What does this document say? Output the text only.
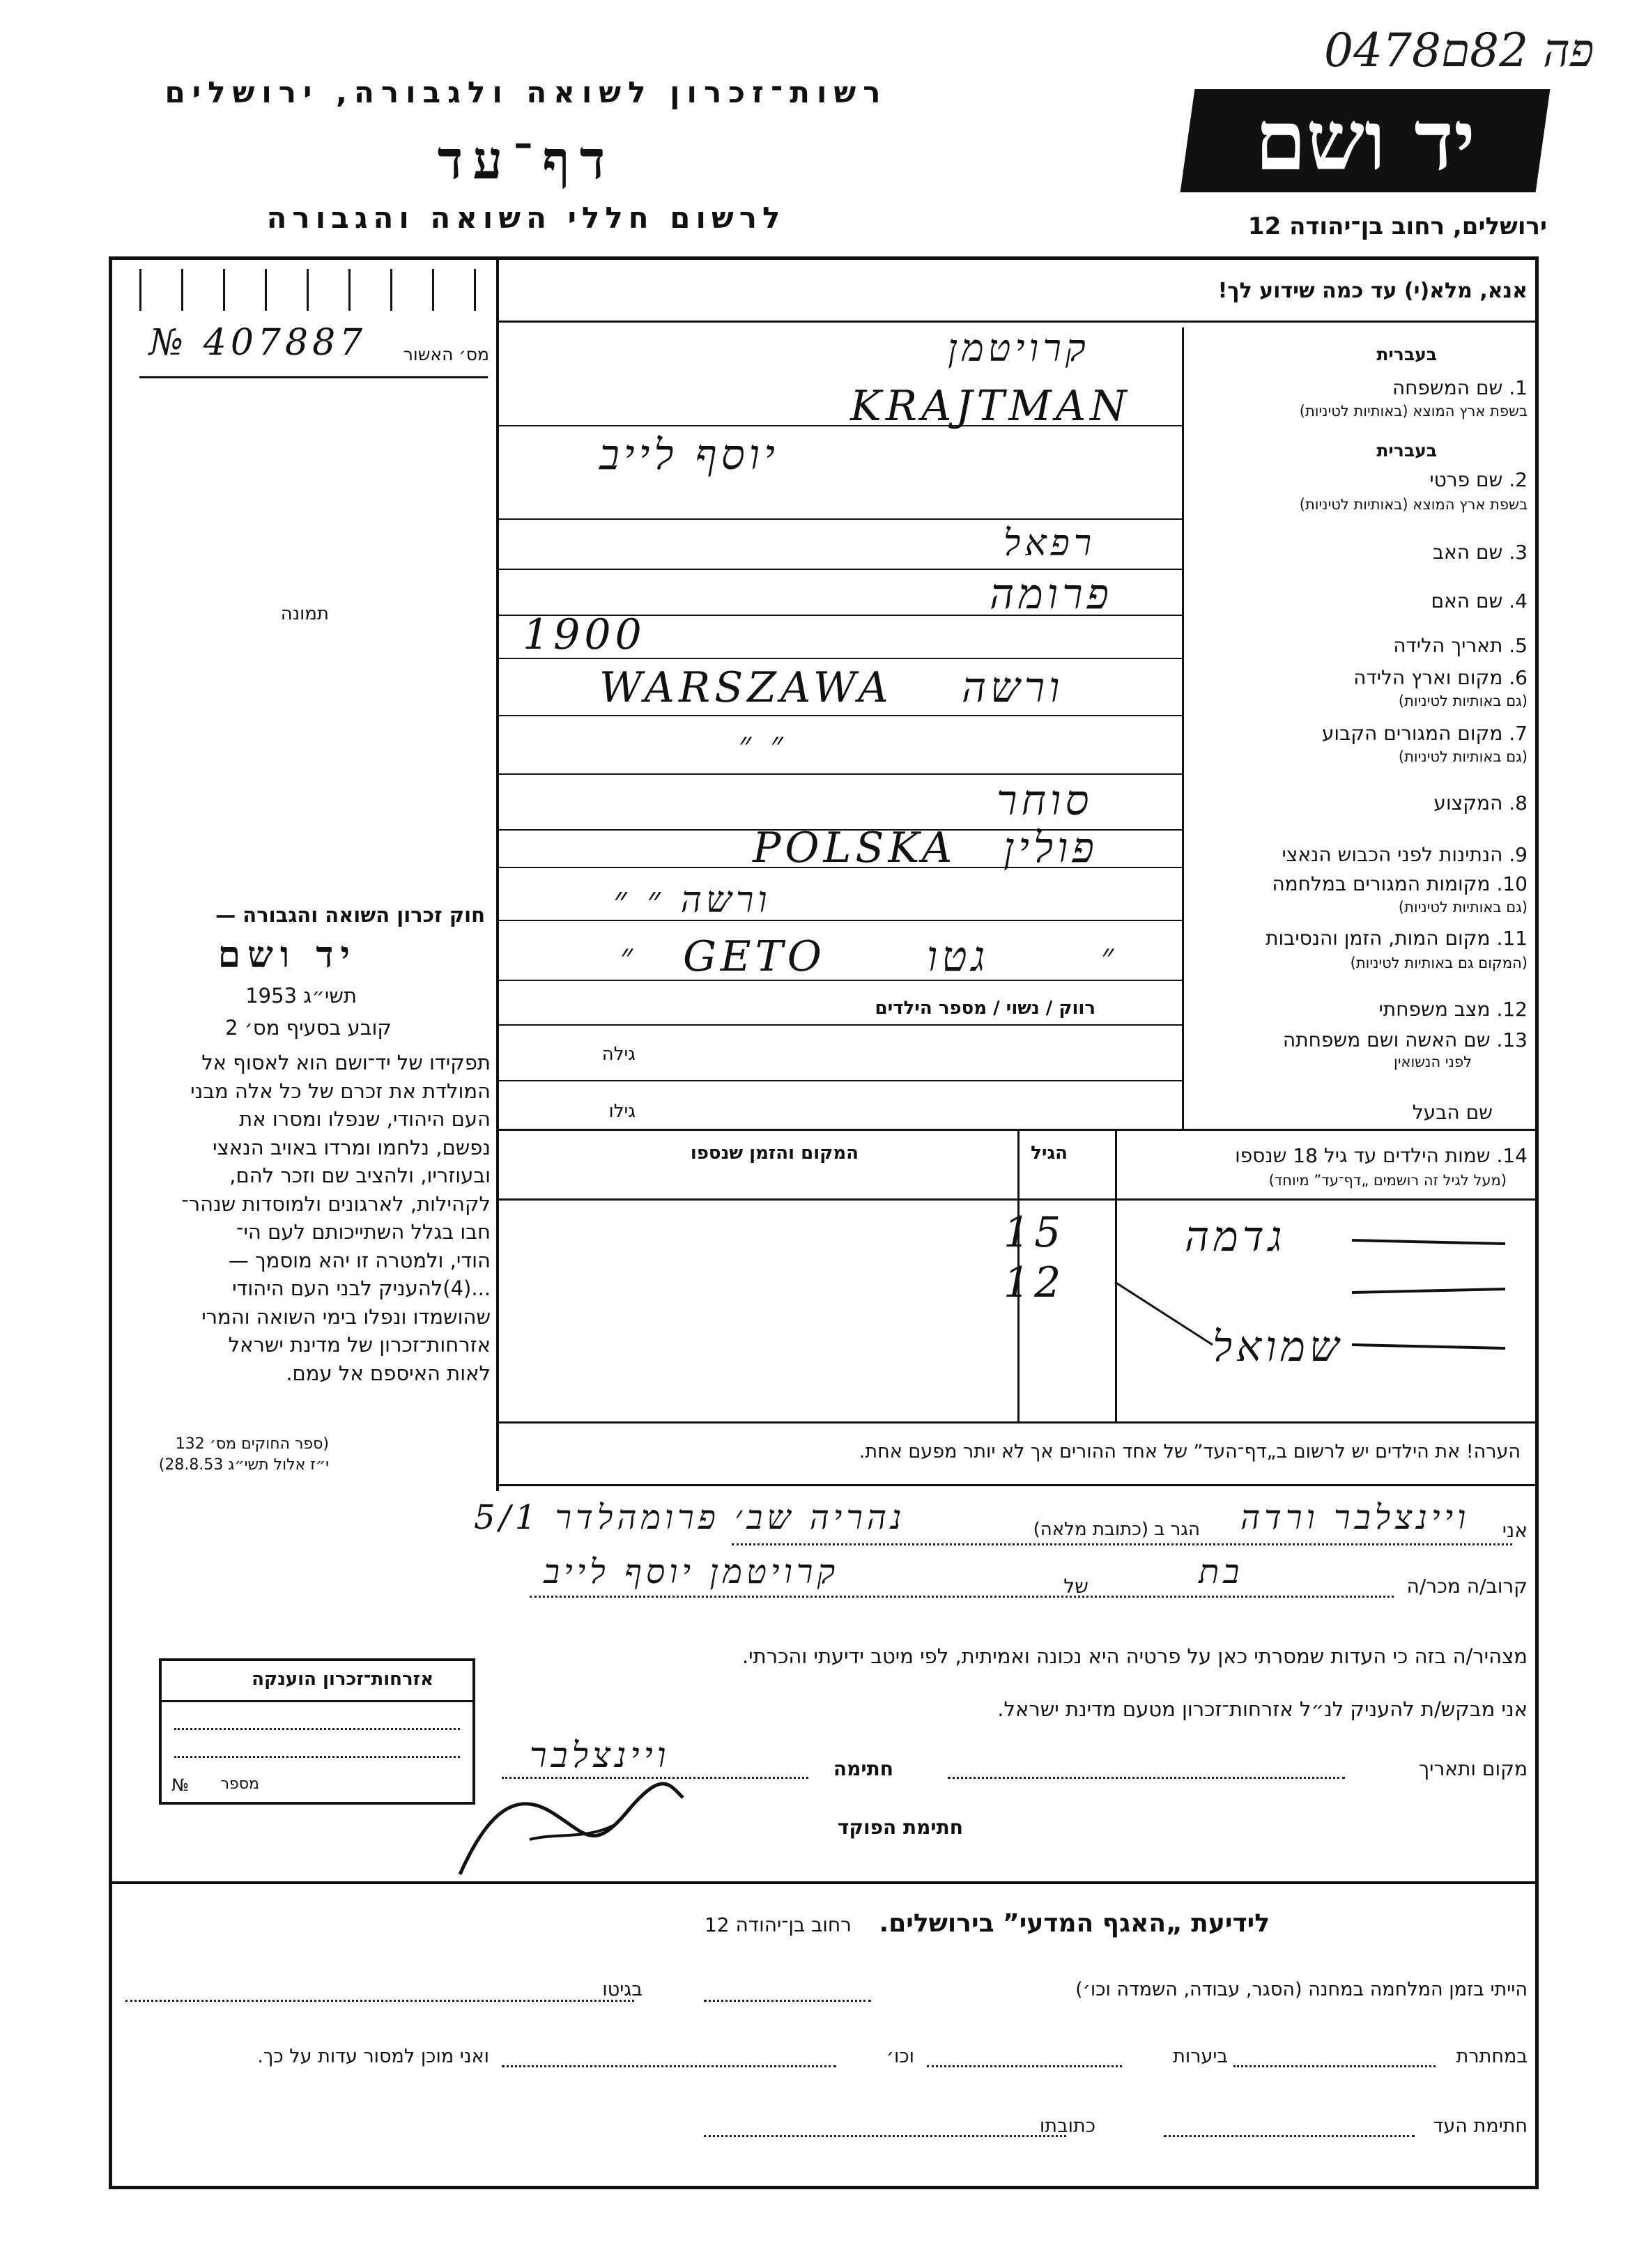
פה 82ם0478
יד ושם
רשות־זכרון לשואה ולגבורה, ירושלים
דף־עד
לרשום חללי השואה והגבורה	ירושלים, רחוב בן־יהודה 12
אנא, מלא(י) עד כמה שידוע לך!
מס׳ האשור
№ 407887
תמונה
חוק זכרון השואה והגבורה —
יד ושם
תשי״ג 1953
קובע בסעיף מס׳ 2
תפקידו של יד־ושם הוא לאסוף אל
המולדת את זכרם של כל אלה מבני
העם היהודי, שנפלו ומסרו את
נפשם, נלחמו ומרדו באויב הנאצי
ובעוזריו, ולהציב שם וזכר להם,
לקהילות, לארגונים ולמוסדות שנהר־
חבו בגלל השתייכותם לעם הי־
הודי, ולמטרה זו יהא מוסמך —
...(4)להעניק לבני העם היהודי
שהושמדו ונפלו בימי השואה והמרי
אזרחות־זכרון של מדינת ישראל
לאות האיספם אל עמם.
(ספר החוקים מס׳ 132
י״ז אלול תשי״ג 28.8.53)
בעברית
1. שם המשפחה
בשפת ארץ המוצא (באותיות לטיניות)
בעברית
2. שם פרטי
בשפת ארץ המוצא (באותיות לטיניות)
3. שם האב
4. שם האם
5. תאריך הלידה
6. מקום וארץ הלידה
(גם באותיות לטיניות)
7. מקום המגורים הקבוע
(גם באותיות לטיניות)
8. המקצוע
9. הנתינות לפני הכבוש הנאצי
10. מקומות המגורים במלחמה
(גם באותיות לטיניות)
11. מקום המות, הזמן והנסיבות
(המקום גם באותיות לטיניות)
12. מצב משפחתי
רווק / נשוי / מספר הילדים
13. שם האשה ושם משפחתה
לפני הנשואין
גילה
שם הבעל
גילו
קרויטמן
KRAJTMAN
יוסף לייב
רפאל
פרומה
1900
ורשה
WARSZAWA
״ ״
סוחר
פולין
POLSKA
ורשה ״ ״
גטו
GETO
״	״
14. שמות הילדים עד גיל 18 שנספו
(מעל לגיל זה רושמים „דף־עד” מיוחד)
הגיל
המקום והזמן שנספו
גדמה
15
שמואל
12
הערה! את הילדים יש לרשום ב„דף־העד” של אחד ההורים אך לא יותר מפעם אחת.
אני
ויינצלבר ורדה
הגר ב (כתובת מלאה)
נהריה שב׳ פרומהלדר 5/1
קרוב/ה מכר/ה
בת
של
קרויטמן יוסף לייב
מצהיר/ה בזה כי העדות שמסרתי כאן על פרטיה היא נכונה ואמיתית, לפי מיטב ידיעתי והכרתי.
אני מבקש/ת להעניק לנ״ל אזרחות־זכרון מטעם מדינת ישראל.
מקום ותאריך
חתימה
ויינצלבר
חתימת הפוקד
אזרחות־זכרון הוענקה
מספר
№
לידיעת „האגף המדעי” בירושלים.
רחוב בן־יהודה 12
הייתי בזמן המלחמה במחנה (הסגר, עבודה, השמדה וכו׳)
בגיטו
במחתרת
ביערות
וכו׳
ואני מוכן למסור עדות על כך.
חתימת העד
כתובתו
